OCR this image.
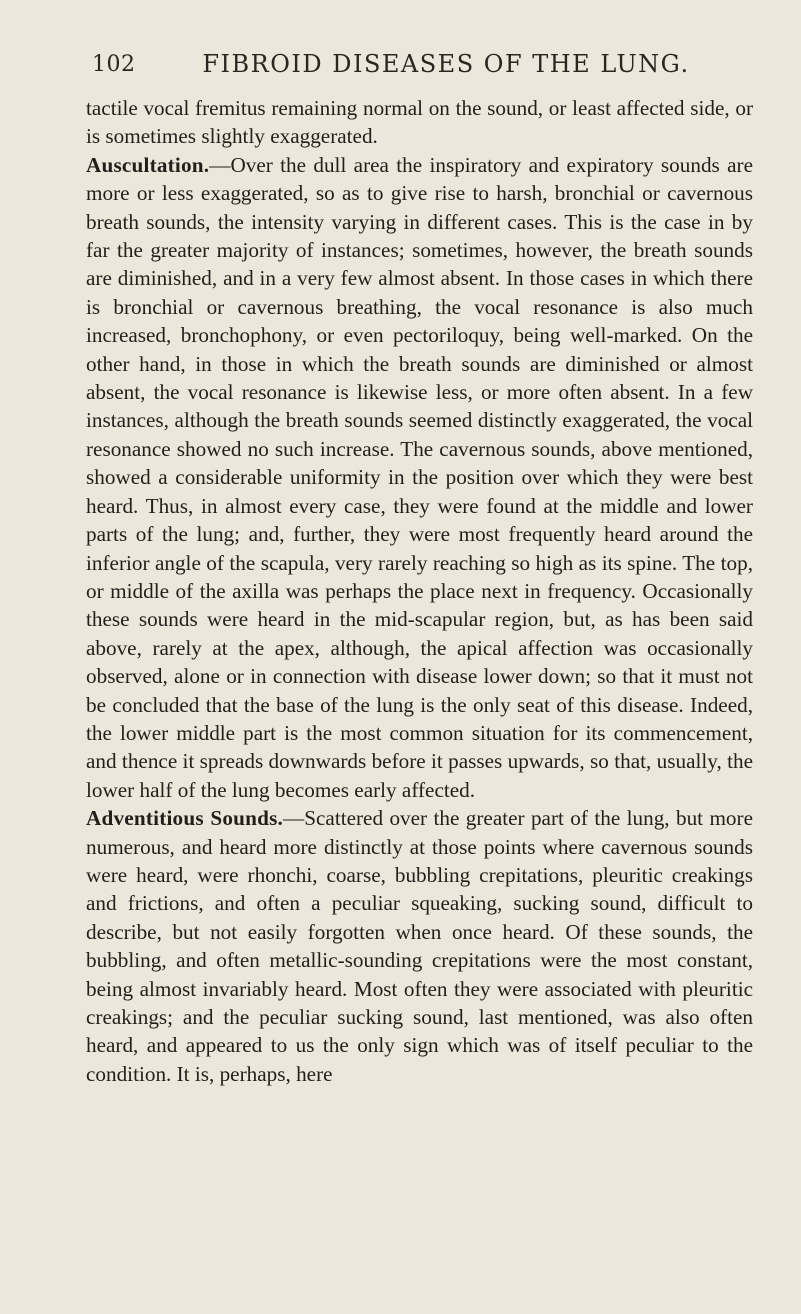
102	FIBROID DISEASES OF THE LUNG.

tactile vocal fremitus remaining normal on the sound, or least affected side, or is sometimes slightly exaggerated.

Auscultation.—Over the dull area the inspiratory and expiratory sounds are more or less exaggerated, so as to give rise to harsh, bronchial or cavernous breath sounds, the intensity varying in different cases. This is the case in by far the greater majority of instances; sometimes, however, the breath sounds are diminished, and in a very few almost absent. In those cases in which there is bronchial or cavernous breathing, the vocal resonance is also much increased, bronchophony, or even pectoriloquy, being well-marked. On the other hand, in those in which the breath sounds are diminished or almost absent, the vocal resonance is likewise less, or more often absent. In a few instances, although the breath sounds seemed distinctly exaggerated, the vocal resonance showed no such increase. The cavernous sounds, above mentioned, showed a considerable uniformity in the position over which they were best heard. Thus, in almost every case, they were found at the middle and lower parts of the lung; and, further, they were most frequently heard around the inferior angle of the scapula, very rarely reaching so high as its spine. The top, or middle of the axilla was perhaps the place next in frequency. Occasionally these sounds were heard in the mid-scapular region, but, as has been said above, rarely at the apex, although, the apical affection was occasionally observed, alone or in connection with disease lower down; so that it must not be concluded that the base of the lung is the only seat of this disease. Indeed, the lower middle part is the most common situation for its commencement, and thence it spreads downwards before it passes upwards, so that, usually, the lower half of the lung becomes early affected.

Adventitious Sounds.—Scattered over the greater part of the lung, but more numerous, and heard more distinctly at those points where cavernous sounds were heard, were rhonchi, coarse, bubbling crepitations, pleuritic creakings and frictions, and often a peculiar squeaking, sucking sound, difficult to describe, but not easily forgotten when once heard. Of these sounds, the bubbling, and often metallic-sounding crepitations were the most constant, being almost invariably heard. Most often they were associated with pleuritic creakings; and the peculiar sucking sound, last mentioned, was also often heard, and appeared to us the only sign which was of itself peculiar to the condition. It is, perhaps, here
